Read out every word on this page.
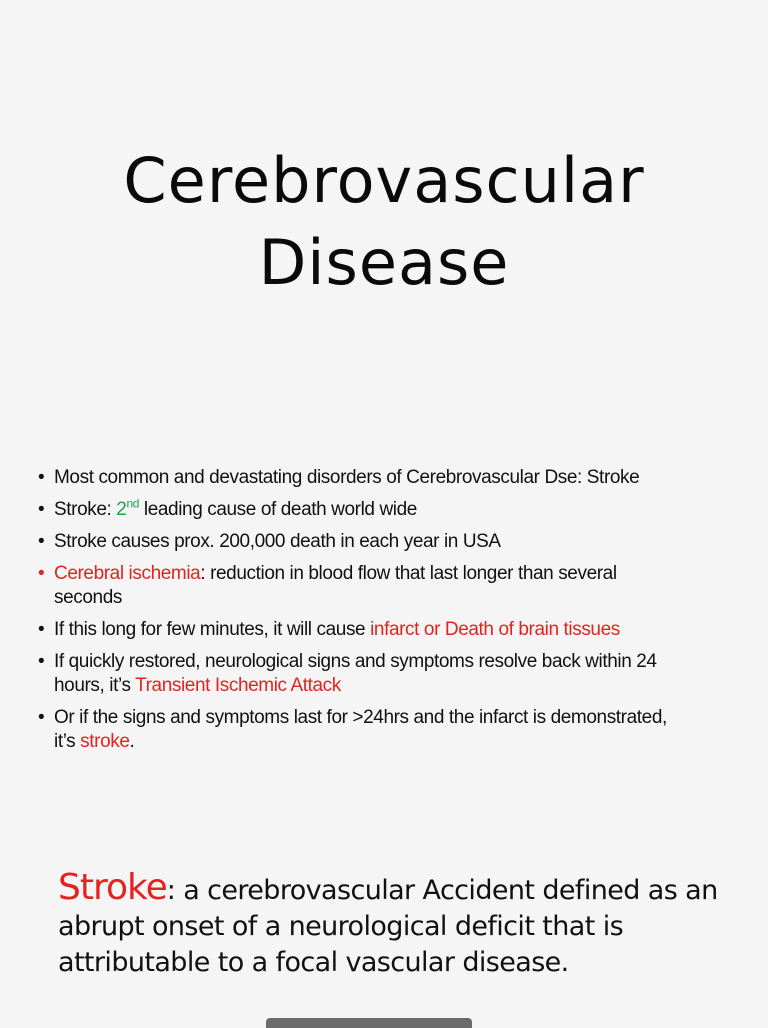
Cerebrovascular
Disease
• Most common and devastating disorders of Cerebrovascular Dse: Stroke
• Stroke: 2nd leading cause of death world wide
• Stroke causes prox. 200,000 death in each year in USA
• Cerebral ischemia: reduction in blood flow that last longer than several seconds
• If this long for few minutes, it will cause infarct or Death of brain tissues
• If quickly restored, neurological signs and symptoms resolve back within 24 hours, it’s Transient Ischemic Attack
• Or if the signs and symptoms last for >24hrs and the infarct is demonstrated, it’s stroke.
Stroke: a cerebrovascular Accident defined as an abrupt onset of a neurological deficit that is attributable to a focal vascular disease.
